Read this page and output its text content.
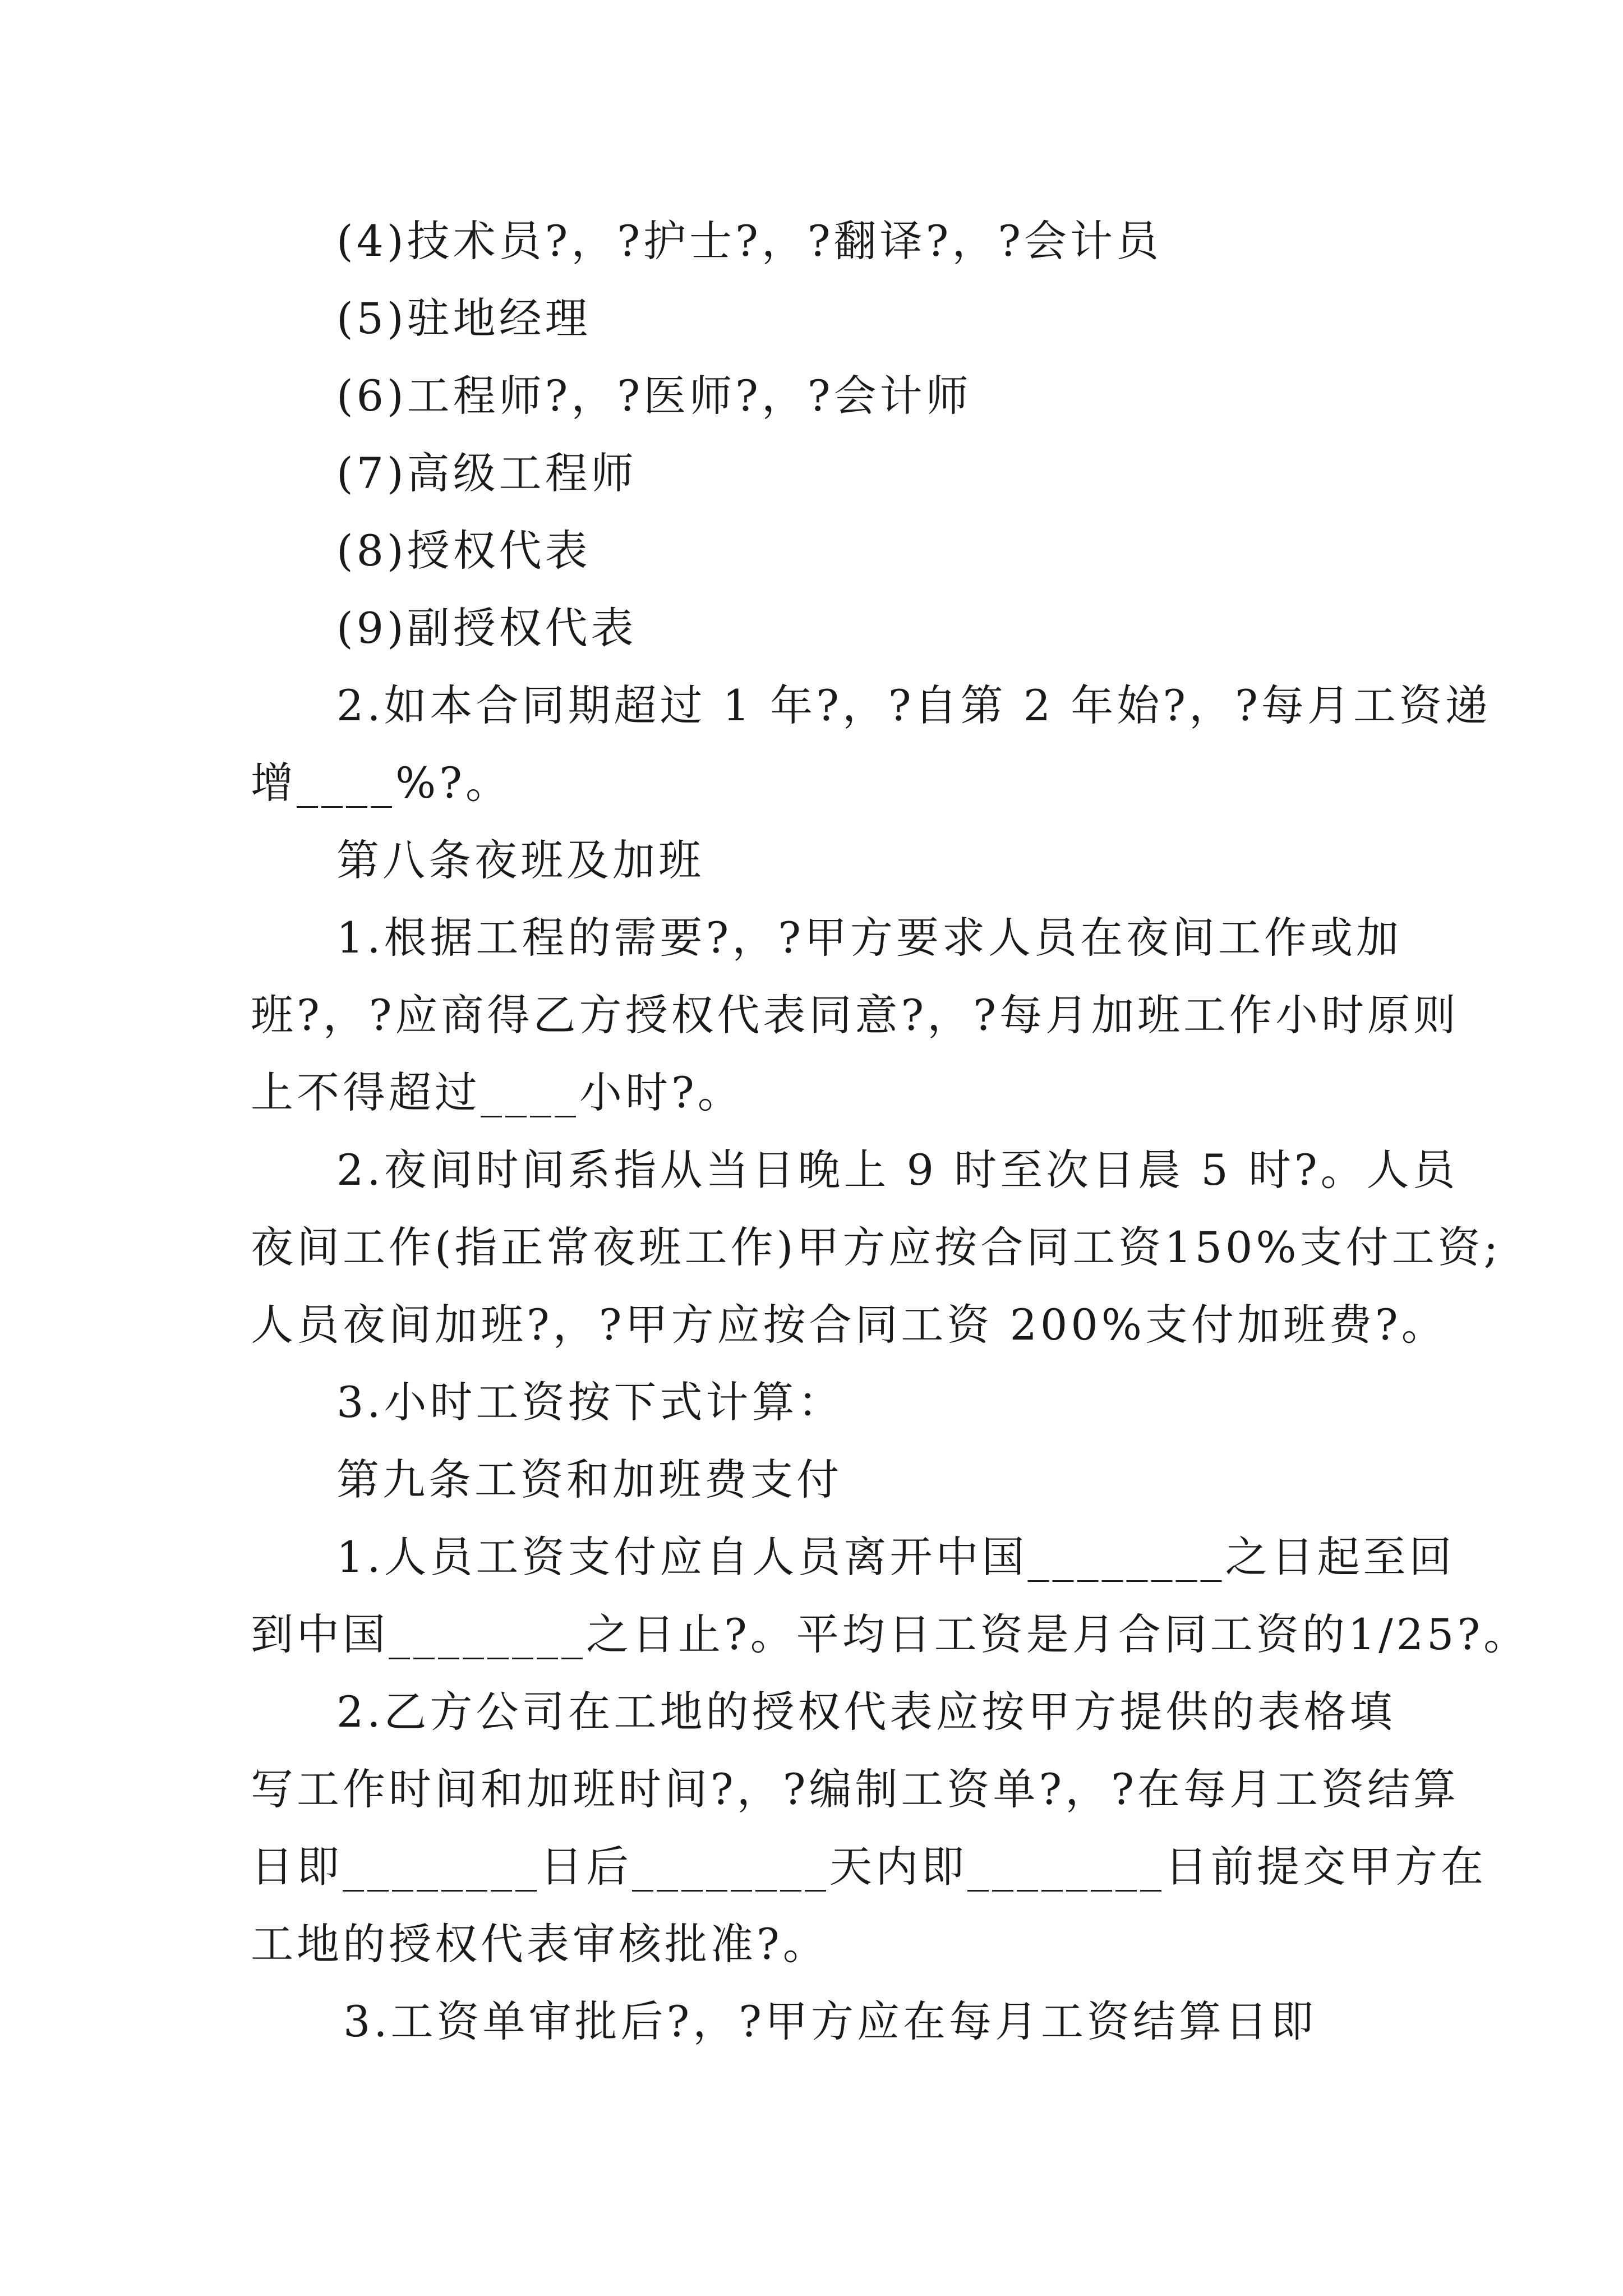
(4)技术员?，?护士?，?翻译?，?会计员
(5)驻地经理
(6)工程师?，?医师?，?会计师
(7)高级工程师
(8)授权代表
(9)副授权代表
2.如本合同期超过 1 年?，?自第 2 年始?，?每月工资递
增____%?。
第八条夜班及加班
1.根据工程的需要?，?甲方要求人员在夜间工作或加
班?，?应商得乙方授权代表同意?，?每月加班工作小时原则
上不得超过____小时?。
2.夜间时间系指从当日晚上 9 时至次日晨 5 时?。人员
夜间工作(指正常夜班工作)甲方应按合同工资150%支付工资;
人员夜间加班?，?甲方应按合同工资 200%支付加班费?。
3.小时工资按下式计算：
第九条工资和加班费支付
1.人员工资支付应自人员离开中国________之日起至回
到中国________之日止?。平均日工资是月合同工资的1/25?。
2.乙方公司在工地的授权代表应按甲方提供的表格填
写工作时间和加班时间?，?编制工资单?，?在每月工资结算
日即________日后________天内即________日前提交甲方在
工地的授权代表审核批准?。
3.工资单审批后?，?甲方应在每月工资结算日即
